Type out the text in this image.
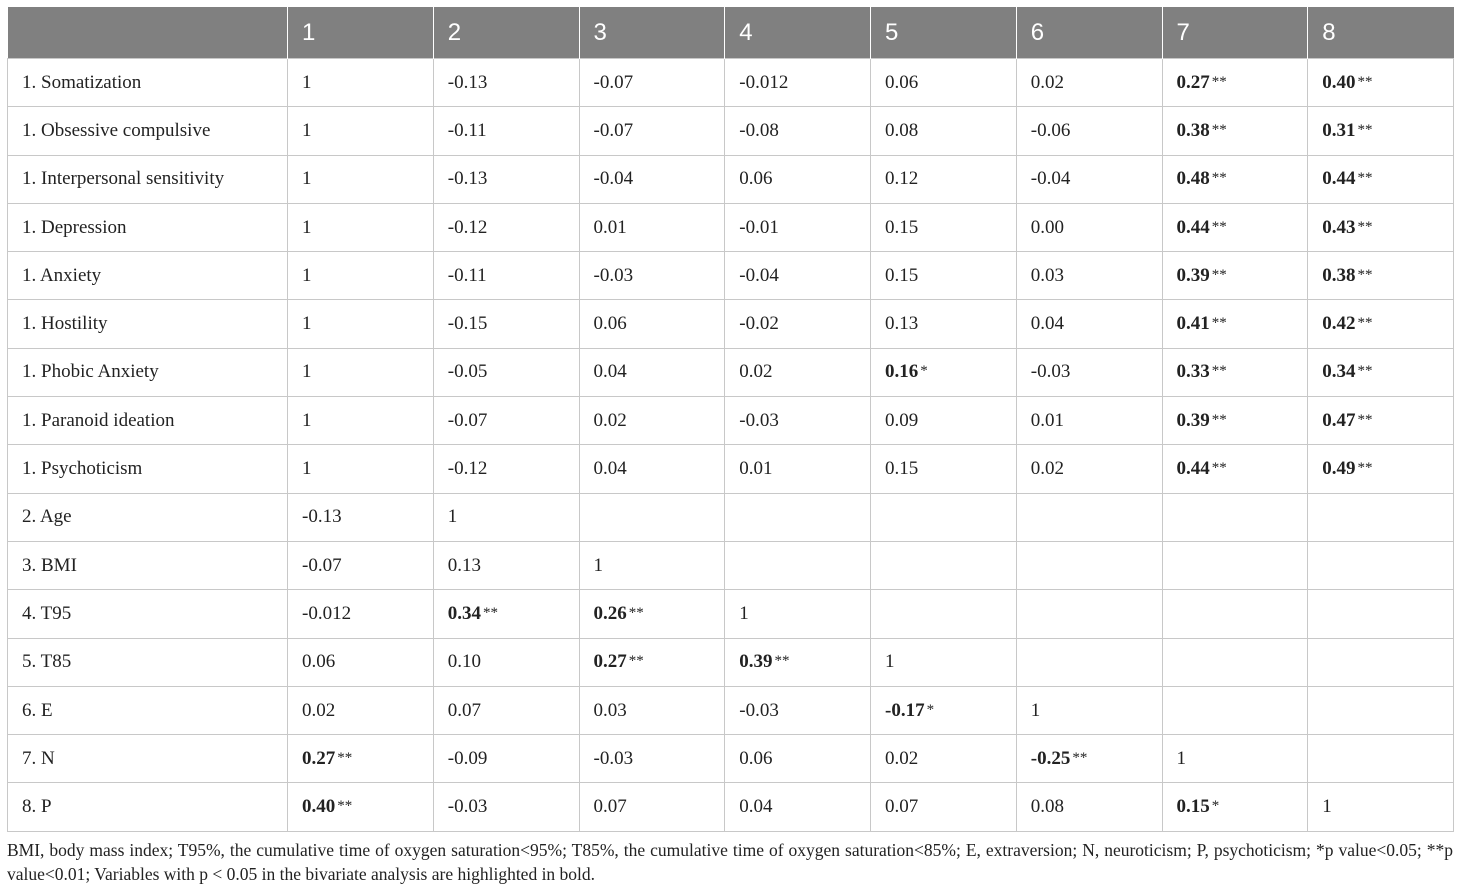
	1	2	3	4	5	6	7	8
1. Somatization	1	-0.13	-0.07	-0.012	0.06	0.02	0.27 **	0.40 **
1. Obsessive compulsive	1	-0.11	-0.07	-0.08	0.08	-0.06	0.38 **	0.31 **
1. Interpersonal sensitivity	1	-0.13	-0.04	0.06	0.12	-0.04	0.48 **	0.44 **
1. Depression	1	-0.12	0.01	-0.01	0.15	0.00	0.44 **	0.43 **
1. Anxiety	1	-0.11	-0.03	-0.04	0.15	0.03	0.39 **	0.38 **
1. Hostility	1	-0.15	0.06	-0.02	0.13	0.04	0.41 **	0.42 **
1. Phobic Anxiety	1	-0.05	0.04	0.02	0.16 *	-0.03	0.33 **	0.34 **
1. Paranoid ideation	1	-0.07	0.02	-0.03	0.09	0.01	0.39 **	0.47 **
1. Psychoticism	1	-0.12	0.04	0.01	0.15	0.02	0.44 **	0.49 **
2. Age	-0.13	1						
3. BMI	-0.07	0.13	1					
4. T95	-0.012	0.34 **	0.26 **	1				
5. T85	0.06	0.10	0.27 **	0.39 **	1			
6. E	0.02	0.07	0.03	-0.03	-0.17 *	1		
7. N	0.27 **	-0.09	-0.03	0.06	0.02	-0.25 **	1	
8. P	0.40 **	-0.03	0.07	0.04	0.07	0.08	0.15 *	1
BMI, body mass index; T95%, the cumulative time of oxygen saturation<95%; T85%, the cumulative time of oxygen saturation<85%; E, extraversion; N, neuroticism; P, psychoticism; *p value<0.05; **p value<0.01; Variables with p < 0.05 in the bivariate analysis are highlighted in bold.
